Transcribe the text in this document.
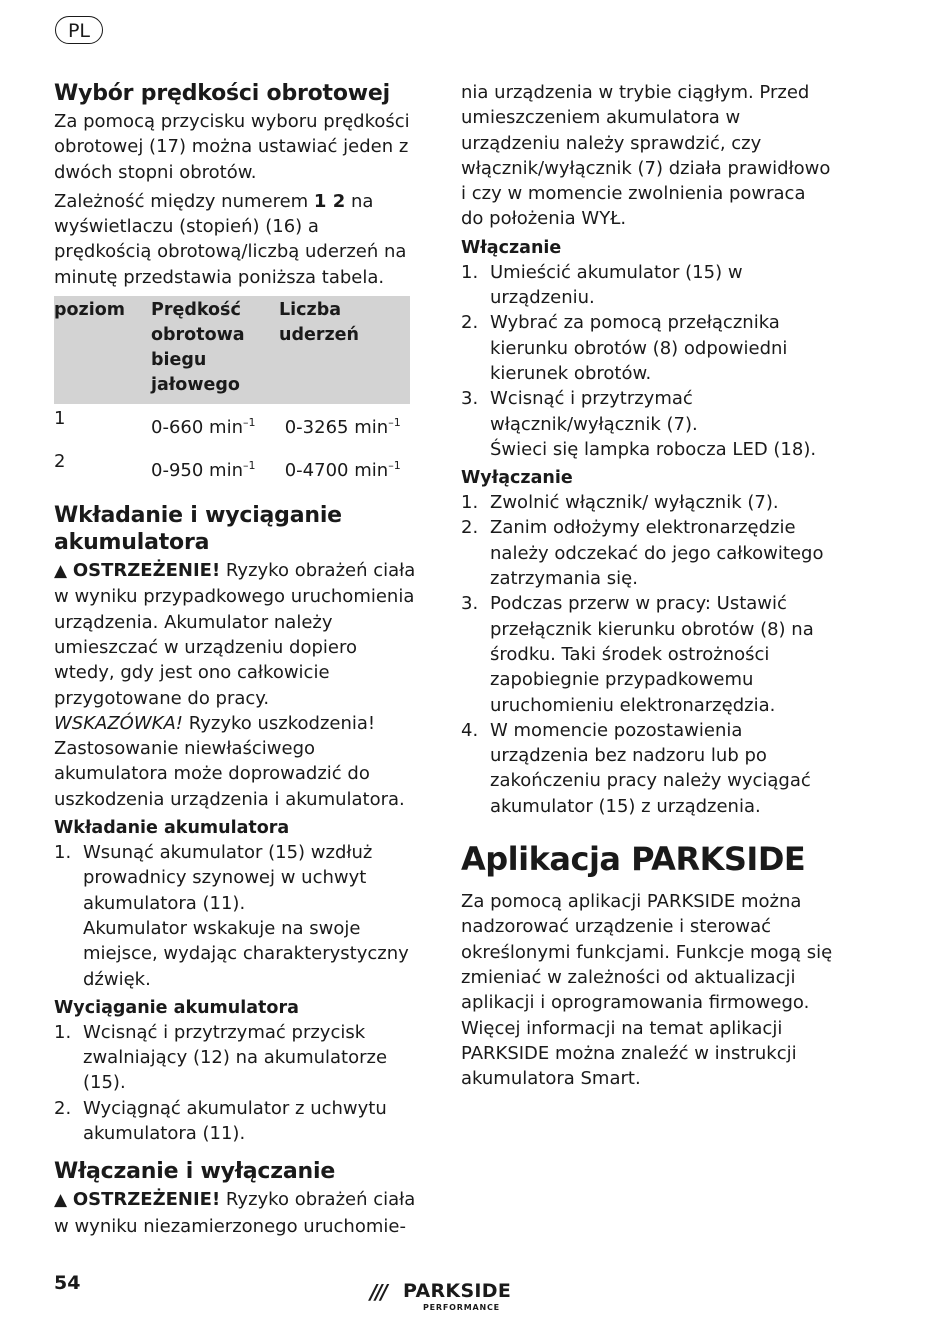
PL
Wybór prędkości obrotowej

Za pomocą przycisku wyboru prędkości obrotowej (17) można ustawiać jeden z dwóch stopni obrotów.

Zależność między numerem 1 2 na wyświetlaczu (stopień) (16) a prędkością obrotową/liczbą uderzeń na minutę przedstawia poniższa tabela.

poziom	Prędkość obrotowa biegu jałowego	Liczba uderzeń
1	0-660 $\min^{-1}$	0-3265 $\min^{-1}$
2	0-950 $\min^{-1}$	0-4700 $\min^{-1}$
Wkładanie i wyciąganie akumulatora

▲ OSTRZEŻENIE! Ryzyko obrażeń ciała w wyniku przypadkowego uruchomienia urządzenia. Akumulator należy umieszczać w urządzeniu dopiero wtedy, gdy jest ono całkowicie przygotowane do pracy.

WSKAZÓWKA! Ryzyko uszkodzenia! Zastosowanie niewłaściwego akumulatora może doprowadzić do uszkodzenia urządzenia i akumulatora.

Wkładanie akumulatora
1. Wsunąć akumulator (15) wzdłuż prowadnicy szynowej w uchwyt akumulatora (11).

Akumulator wskakuje na swoje miejsce, wydając charakterystyczny dźwięk.

Wyciąganie akumulatora
1. Wcisnąć i przytrzymać przycisk zwalniający (12) na akumulatorze (15).
2. Wyciągnąć akumulator z uchwytu akumulatora (11).
Włączanie i wyłączanie

▲ OSTRZEŻENIE! Ryzyko obrażeń ciała w wyniku niezamierzonego uruchomie-

nia urządzenia w trybie ciągłym. Przed umieszczeniem akumulatora w urządzeniu należy sprawdzić, czy włącznik/wyłącznik (7) działa prawidłowo i czy w momencie zwolnienia powraca do położenia WYŁ.

Włączanie
1. Umieścić akumulator (15) w urządzeniu.
2. Wybrać za pomocą przełącznika kierunku obrotów (8) odpowiedni kierunek obrotów.
3. Wcisnąć i przytrzymać włącznik/wyłącznik (7).

Świeci się lampka robocza LED (18).

Wyłączanie
1. Zwolnić włącznik/ wyłącznik (7).
2. Zanim odłożymy elektronarzędzie należy odczekać do jego całkowitego zatrzymania się.
3. Podczas przerw w pracy: Ustawić przełącznik kierunku obrotów (8) na środku. Taki środek ostrożności zapobiegnie przypadkowemu uruchomieniu elektronarzędzia.
4. W momencie pozostawienia urządzenia bez nadzoru lub po zakończeniu pracy należy wyciągać akumulator (15) z urządzenia.
Aplikacja PARKSIDE

Za pomocą aplikacji PARKSIDE można nadzorować urządzenie i sterować określonymi funkcjami. Funkcje mogą się zmieniać w zależności od aktualizacji aplikacji i oprogramowania firmowego. Więcej informacji na temat aplikacji PARKSIDE można znaleźć w instrukcji akumulatora Smart.

54	/// PARKSIDE
PERFORMANCE
